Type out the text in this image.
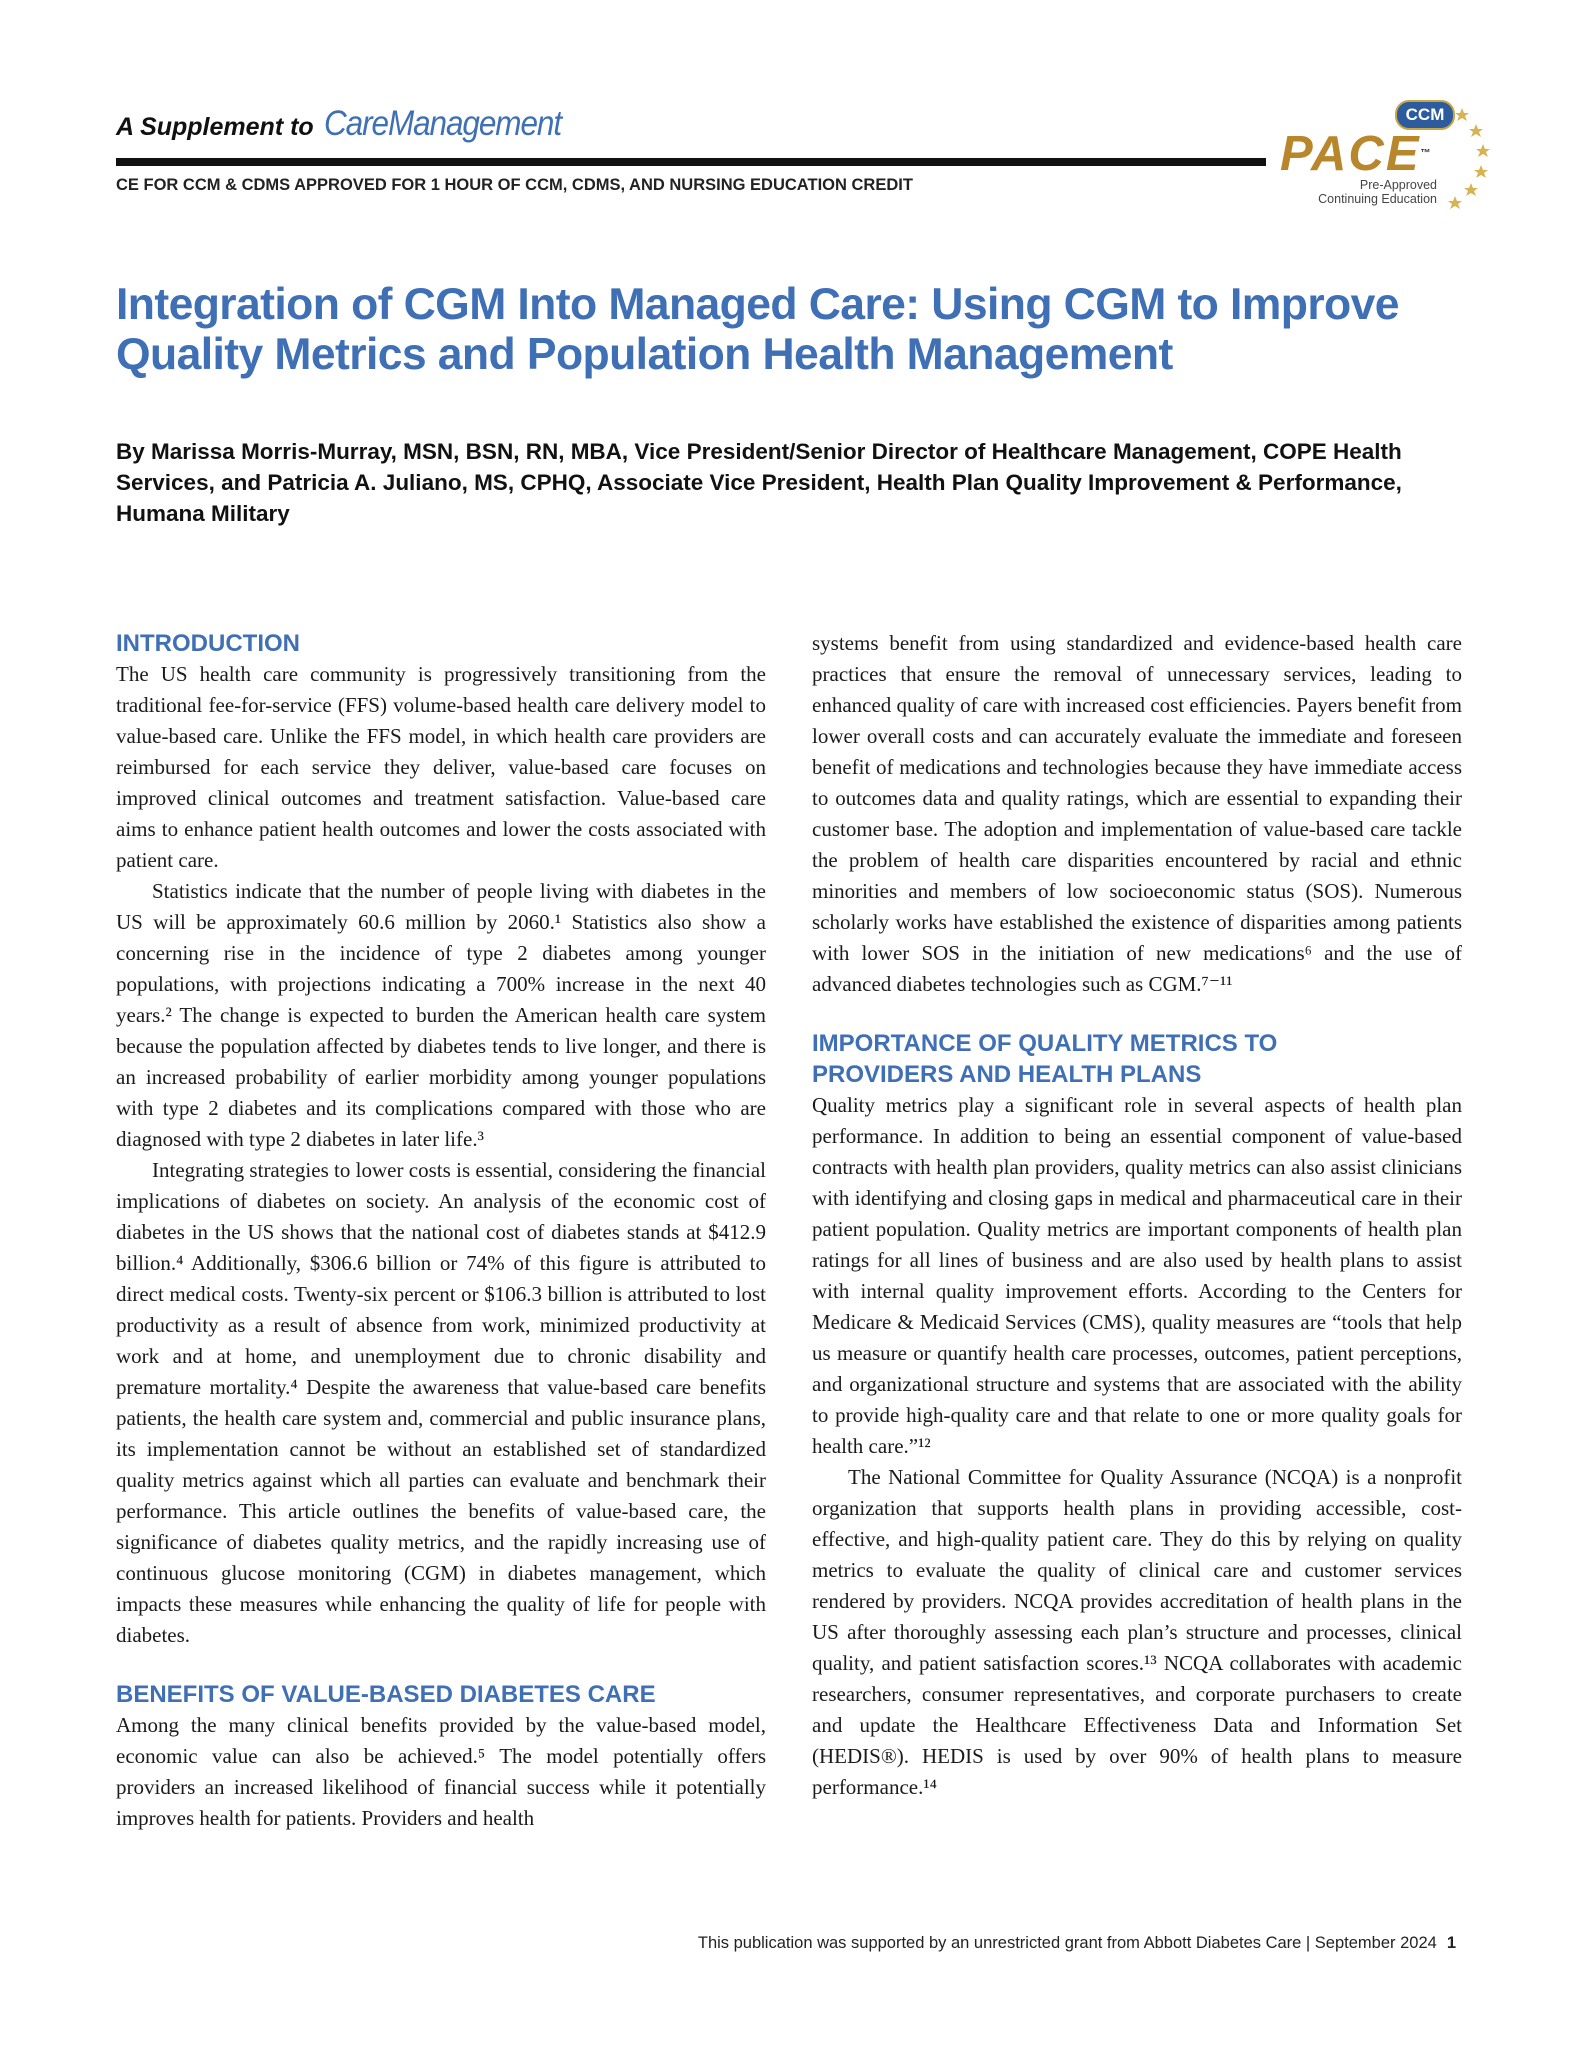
A Supplement to CareManagement
CE FOR CCM & CDMS APPROVED FOR 1 HOUR OF CCM, CDMS, AND NURSING EDUCATION CREDIT
CCM
PACE™
Pre-Approved
Continuing Education
Integration of CGM Into Managed Care: Using CGM to Improve Quality Metrics and Population Health Management

By Marissa Morris-Murray, MSN, BSN, RN, MBA, Vice President/Senior Director of Healthcare Management, COPE Health Services, and Patricia A. Juliano, MS, CPHQ, Associate Vice President, Health Plan Quality Improvement & Performance, Humana Military

INTRODUCTION

The US health care community is progressively transitioning from the traditional fee-for-service (FFS) volume-based health care delivery model to value-based care. Unlike the FFS model, in which health care providers are reimbursed for each service they deliver, value-based care focuses on improved clinical outcomes and treatment satisfaction. Value-based care aims to enhance patient health outcomes and lower the costs associated with patient care.

Statistics indicate that the number of people living with diabetes in the US will be approximately 60.6 million by 2060.¹ Statistics also show a concerning rise in the incidence of type 2 diabetes among younger populations, with projections indicating a 700% increase in the next 40 years.² The change is expected to burden the American health care system because the population affected by diabetes tends to live longer, and there is an increased probability of earlier morbidity among younger populations with type 2 diabetes and its complications compared with those who are diagnosed with type 2 diabetes in later life.³

Integrating strategies to lower costs is essential, considering the financial implications of diabetes on society. An analysis of the economic cost of diabetes in the US shows that the national cost of diabetes stands at $412.9 billion.⁴ Additionally, $306.6 billion or 74% of this figure is attributed to direct medical costs. Twenty-six percent or $106.3 billion is attributed to lost productivity as a result of absence from work, minimized productivity at work and at home, and unemployment due to chronic disability and premature mortality.⁴ Despite the awareness that value-based care benefits patients, the health care system and, commercial and public insurance plans, its implementation cannot be without an established set of standardized quality metrics against which all parties can evaluate and benchmark their performance. This article outlines the benefits of value-based care, the significance of diabetes quality metrics, and the rapidly increasing use of continuous glucose monitoring (CGM) in diabetes management, which impacts these measures while enhancing the quality of life for people with diabetes.

BENEFITS OF VALUE-BASED DIABETES CARE

Among the many clinical benefits provided by the value-based model, economic value can also be achieved.⁵ The model potentially offers providers an increased likelihood of financial success while it potentially improves health for patients. Providers and health

systems benefit from using standardized and evidence-based health care practices that ensure the removal of unnecessary services, leading to enhanced quality of care with increased cost efficiencies. Payers benefit from lower overall costs and can accurately evaluate the immediate and foreseen benefit of medications and technologies because they have immediate access to outcomes data and quality ratings, which are essential to expanding their customer base. The adoption and implementation of value-based care tackle the problem of health care disparities encountered by racial and ethnic minorities and members of low socioeconomic status (SOS). Numerous scholarly works have established the existence of disparities among patients with lower SOS in the initiation of new medications⁶ and the use of advanced diabetes technologies such as CGM.⁷⁻¹¹

IMPORTANCE OF QUALITY METRICS TO
PROVIDERS AND HEALTH PLANS

Quality metrics play a significant role in several aspects of health plan performance. In addition to being an essential component of value-based contracts with health plan providers, quality metrics can also assist clinicians with identifying and closing gaps in medical and pharmaceutical care in their patient population. Quality metrics are important components of health plan ratings for all lines of business and are also used by health plans to assist with internal quality improvement efforts. According to the Centers for Medicare & Medicaid Services (CMS), quality measures are “tools that help us measure or quantify health care processes, outcomes, patient perceptions, and organizational structure and systems that are associated with the ability to provide high-quality care and that relate to one or more quality goals for health care.”¹²

The National Committee for Quality Assurance (NCQA) is a nonprofit organization that supports health plans in providing accessible, cost-effective, and high-quality patient care. They do this by relying on quality metrics to evaluate the quality of clinical care and customer services rendered by providers. NCQA provides accreditation of health plans in the US after thoroughly assessing each plan’s structure and processes, clinical quality, and patient satisfaction scores.¹³ NCQA collaborates with academic researchers, consumer representatives, and corporate purchasers to create and update the Healthcare Effectiveness Data and Information Set (HEDIS®). HEDIS is used by over 90% of health plans to measure performance.¹⁴

This publication was supported by an unrestricted grant from Abbott Diabetes Care | September 2024 1
